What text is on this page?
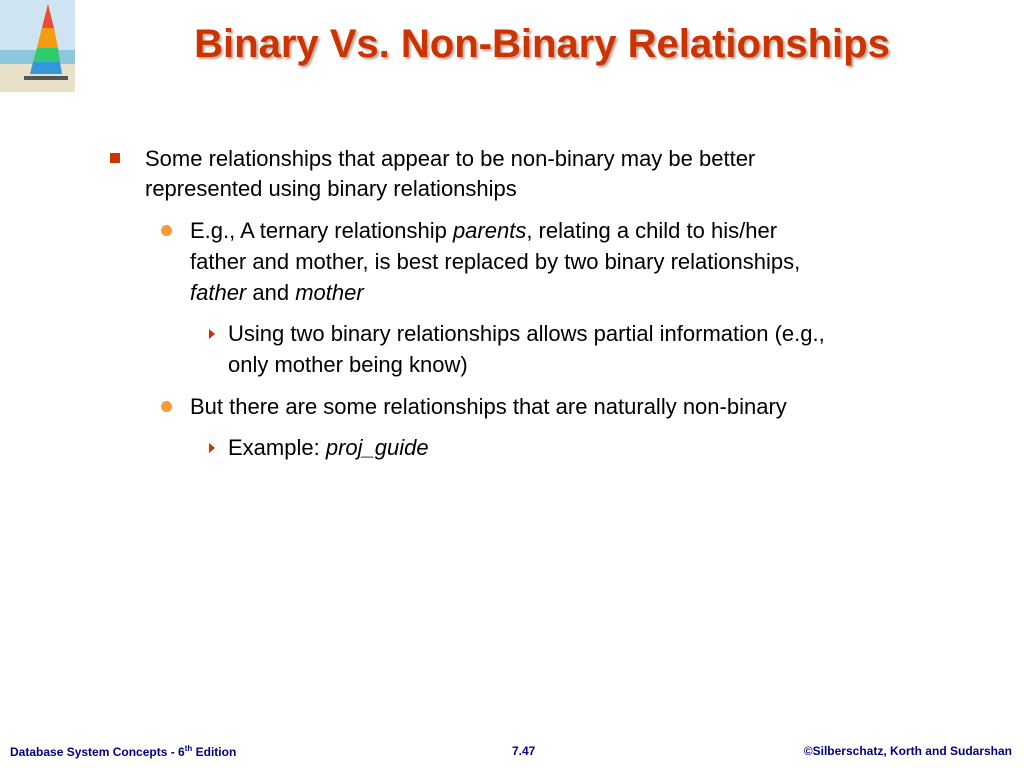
Binary Vs. Non-Binary Relationships
Some relationships that appear to be non-binary may be better
represented using binary relationships
E.g., A ternary relationship parents, relating a child to his/her
father and mother, is best replaced by two binary relationships,
father and mother
Using two binary relationships allows partial information (e.g.,
only mother being know)
But there are some relationships that are naturally non-binary
Example: proj_guide
Database System Concepts - 6th Edition	7.47	©Silberschatz, Korth and Sudarshan
